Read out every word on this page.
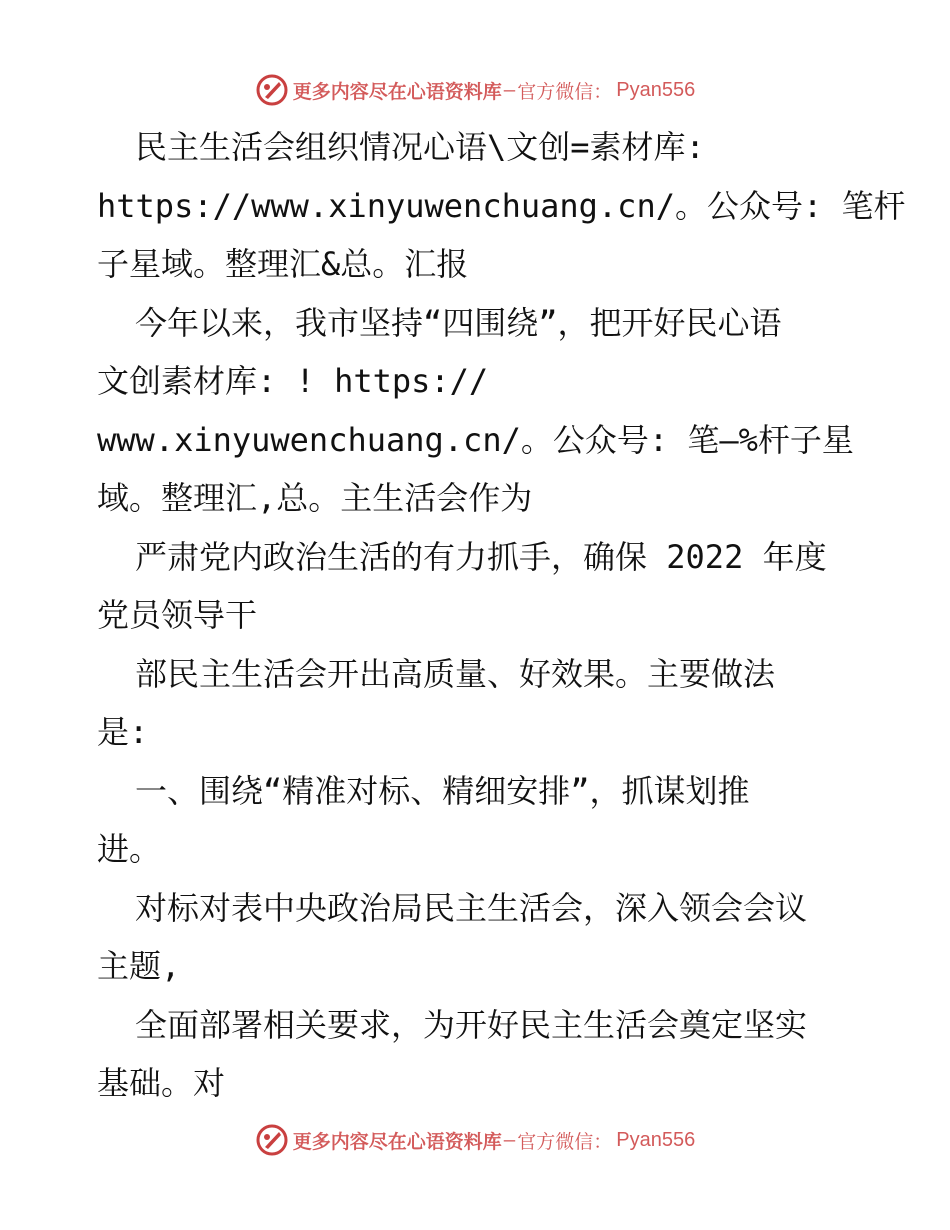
更多内容尽在心语资料库 — 官方微信： Pyan556
民主生活会组织情况心语\文创=素材库:
https://www.xinyuwenchuang.cn/。公众号: 笔杆
子星域。整理汇&总。汇报
今年以来，我市坚持“四围绕”，把开好民心语
文创素材库: ! https://
www.xinyuwenchuang.cn/。公众号: 笔—%杆子星
域。整理汇,总。主生活会作为
严肃党内政治生活的有力抓手，确保 2022 年度
党员领导干
部民主生活会开出高质量、好效果。主要做法
是:
一、围绕“精准对标、精细安排”，抓谋划推
进。
对标对表中央政治局民主生活会，深入领会会议
主题,
全面部署相关要求，为开好民主生活会奠定坚实
基础。对
更多内容尽在心语资料库 — 官方微信： Pyan556
